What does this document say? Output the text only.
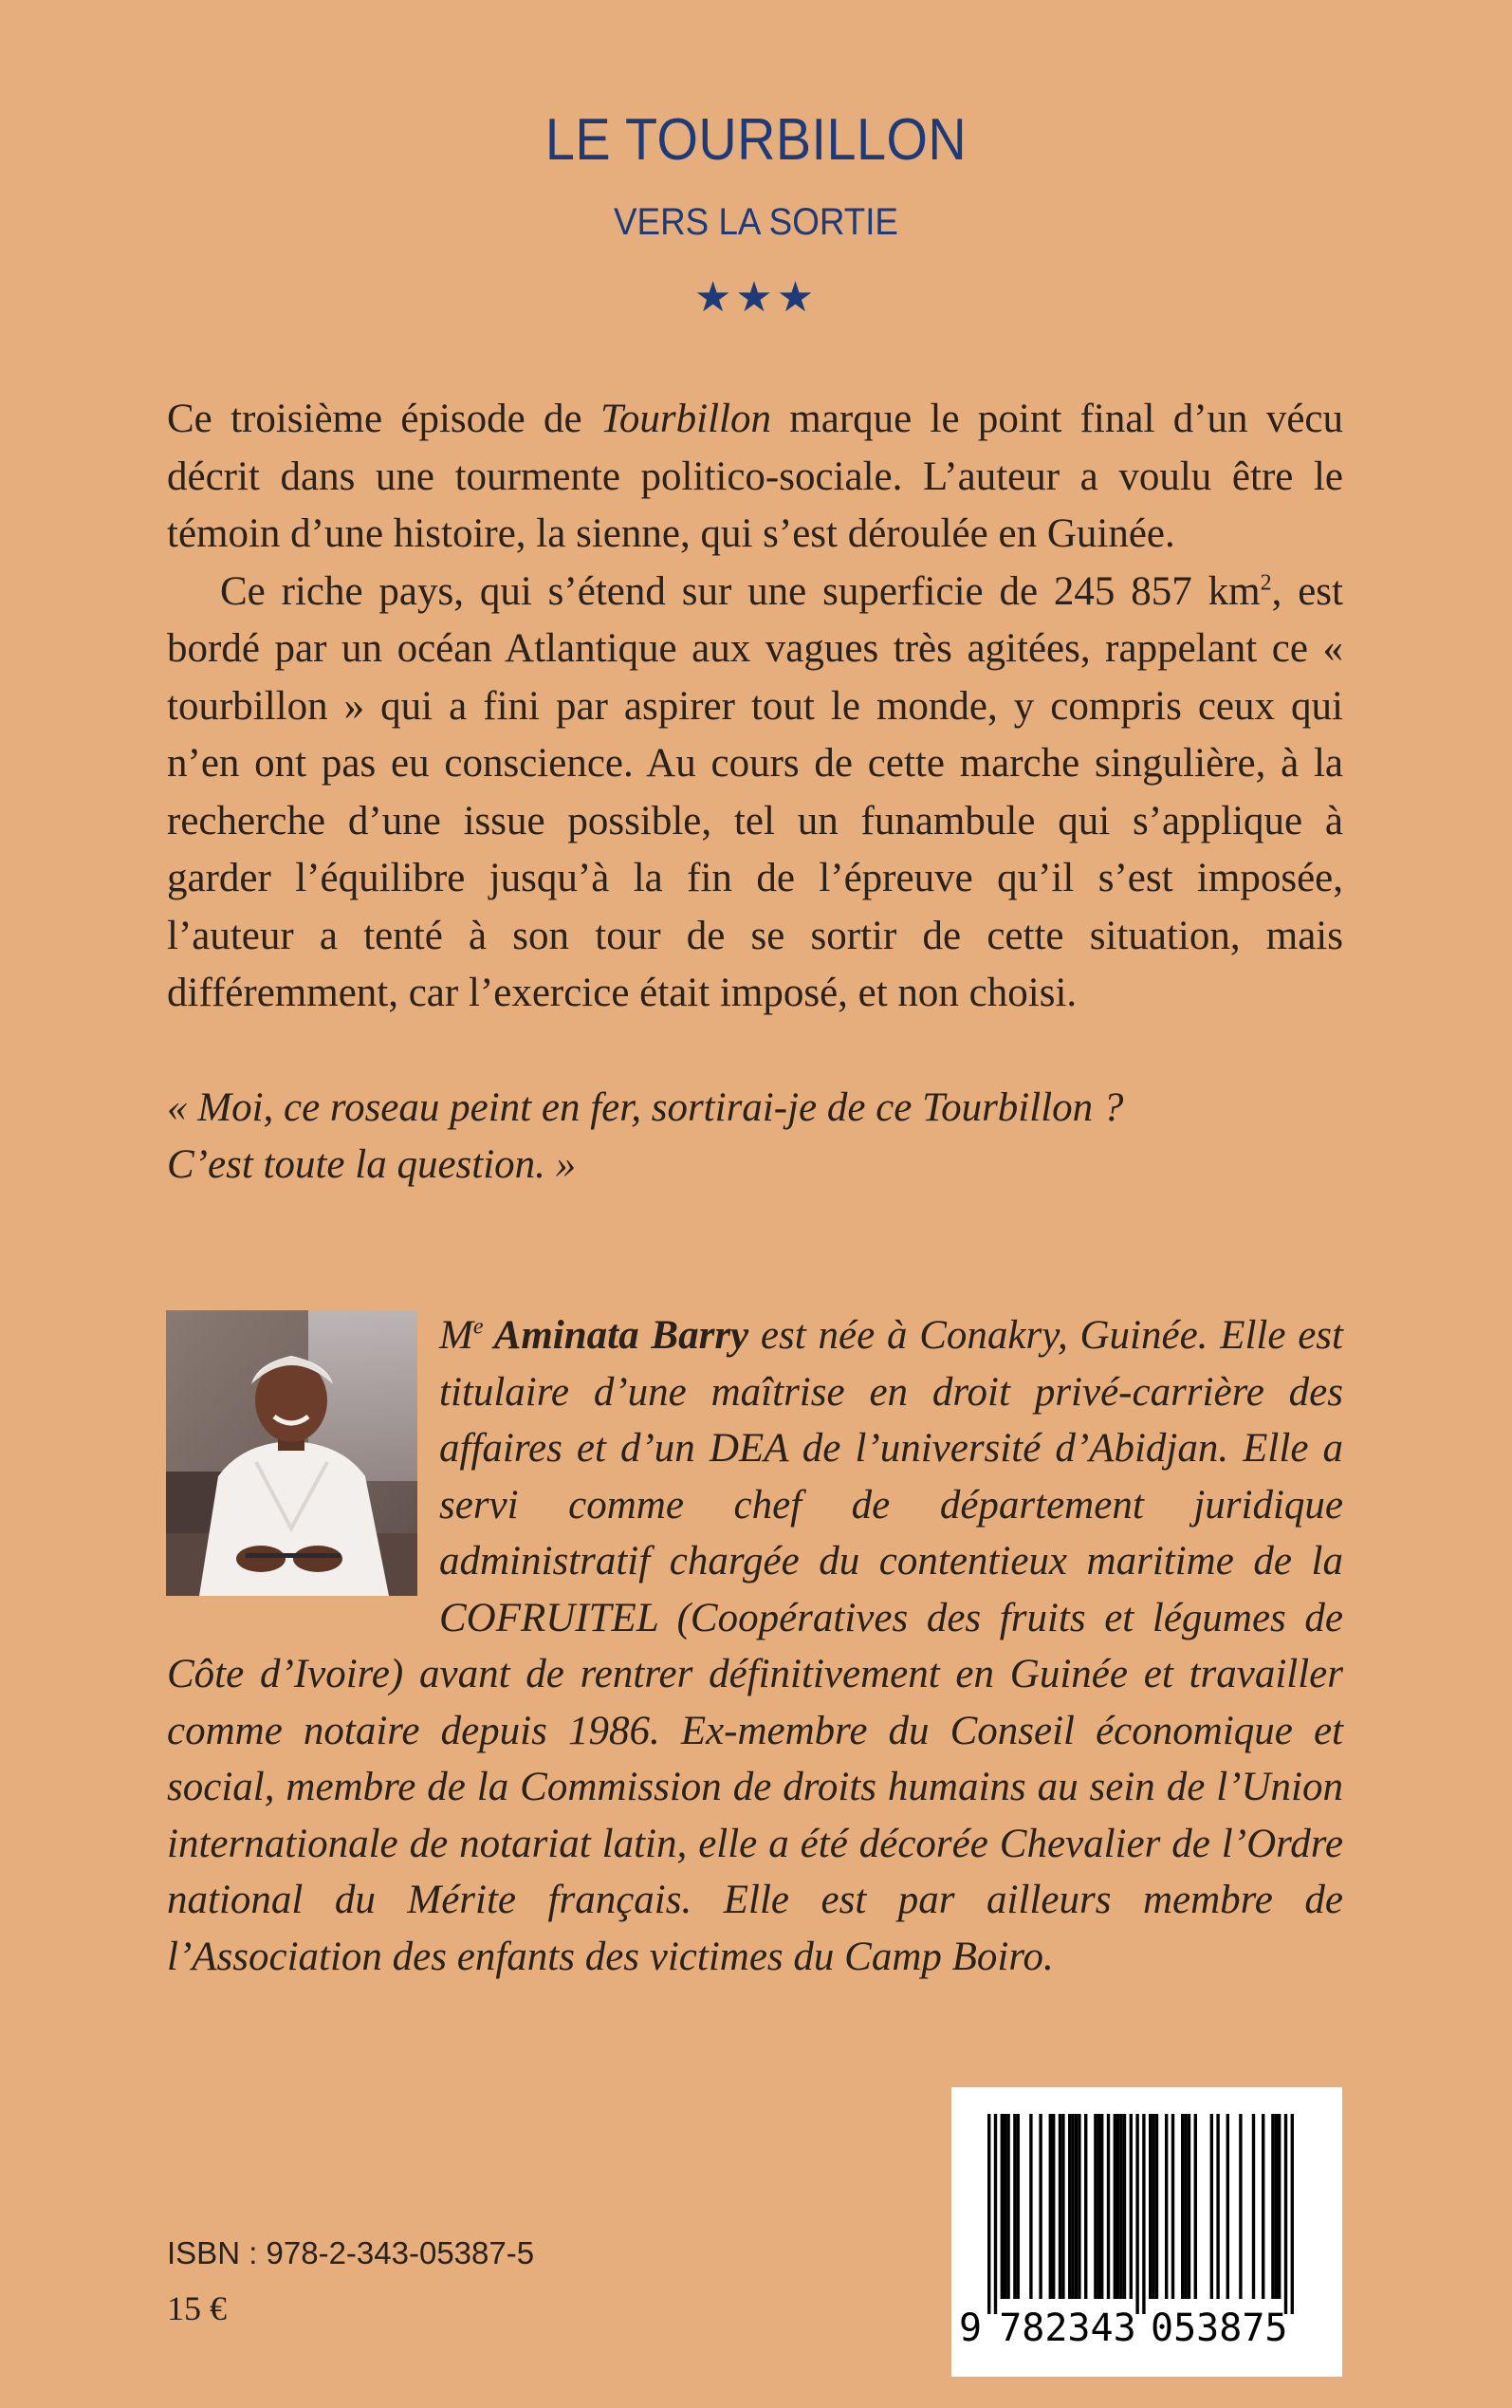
LE TOURBILLON
VERS LA SORTIE
★★★

Ce troisième épisode de Tourbillon marque le point final d’un vécu décrit dans une tourmente politico-sociale. L’auteur a voulu être le témoin d’une histoire, la sienne, qui s’est déroulée en Guinée.

Ce riche pays, qui s’étend sur une superficie de 245 857 $km^2$, est bordé par un océan Atlantique aux vagues très agitées, rappelant ce « tourbillon » qui a fini par aspirer tout le monde, y compris ceux qui n’en ont pas eu conscience. Au cours de cette marche singulière, à la recherche d’une issue possible, tel un funambule qui s’applique à garder l’équilibre jusqu’à la fin de l’épreuve qu’il s’est imposée, l’auteur a tenté à son tour de se sortir de cette situation, mais différemment, car l’exercice était imposé, et non choisi.

« Moi, ce roseau peint en fer, sortirai-je de ce Tourbillon ?
C’est toute la question. »

Me Aminata Barry est née à Conakry, Guinée. Elle est titulaire d’une maîtrise en droit privé-carrière des affaires et d’un DEA de l’université d’Abidjan. Elle a servi comme chef de département juridique administratif chargée du contentieux maritime de la COFRUITEL (Coopératives des fruits et légumes de Côte d’Ivoire) avant de rentrer définitivement en Guinée et travailler comme notaire depuis 1986. Ex-membre du Conseil économique et social, membre de la Commission de droits humains au sein de l’Union internationale de notariat latin, elle a été décorée Chevalier de l’Ordre national du Mérite français. Elle est par ailleurs membre de l’Association des enfants des victimes du Camp Boiro.

9 782343 053875
ISBN : 978-2-343-05387-5
15 €
